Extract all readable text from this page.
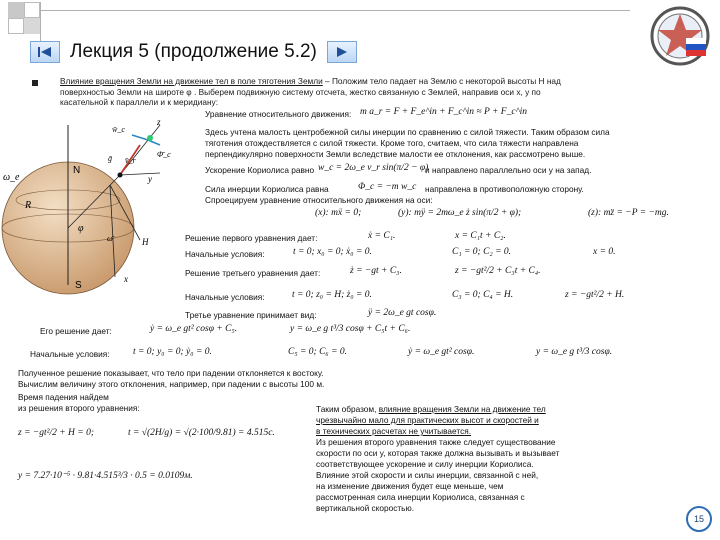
Лекция 5 (продолжение 5.2)
Влияние вращения Земли на движение тел в поле тяготения Земли – Положим тело падает на Землю с некоторой высоты H над
поверхностью Земли на широте φ . Выберем подвижную систему отсчета, жестко связанную с Землей, направив оси x, y по
касательной к параллели и к меридиану:
Уравнение относительного движения: m a_r = F + F_e^in + F_c^in ≈ P + F_c^in
ω_e
N
S
R
φ
z
y
x
H
w̄_c
Φ̄_c
v̄_r
ḡ
ω̄
Здесь учтена малость центробежной силы инерции по сравнению с силой тяжести. Таким образом сила
тяготения отождествляется с силой тяжести. Кроме того, считаем, что сила тяжести направлена
перпендикулярно поверхности Земли вследствие малости ее отклонения, как рассмотрено выше.
Ускорение Кориолиса равно w_c = 2ω_e v_r sin(π/2 − φ)
и направлено параллельно оси y на запад.
Сила инерции Кориолиса равна	Φ_c = −m w_c направлена в противоположную сторону.
Спроецируем уравнение относительного движения на оси:
(x): mẍ = 0;	(y): mÿ = 2mω_e ż sin(π/2 + φ);	(z): mz̈ = −P = −mg.
Решение первого уравнения дает:	ẋ = C₁.	x = C₁t + C₂.
Начальные условия:	t = 0; x₀ = 0; ẋ₀ = 0.	C₁ = 0; C₂ = 0.	x = 0.
Решение третьего уравнения дает:	ż = −gt + C₃.	z = −gt²/2 + C₃t + C₄.
Начальные условия:	t = 0; z₀ = H; ż₀ = 0.	C₃ = 0; C₄ = H.	z = −gt²/2 + H.
Третье уравнение принимает вид:	ÿ = 2ω_e gt cosφ.
Его решение дает:	ẏ = ω_e gt² cosφ + C₅.	y = ω_e g t³/3 cosφ + C₅t + C₆.
Начальные условия: t = 0; y₀ = 0; ẏ₀ = 0.	C₅ = 0; C₆ = 0.	ẏ = ω_e gt² cosφ.	y = ω_e g t³/3 cosφ.
Полученное решение показывает, что тело при падении отклоняется к востоку.
Вычислим величину этого отклонения, например, при падении с высоты 100 м.
Время падения найдем
из решения второго уравнения:
z = −gt²/2 + H = 0;	t = √(2H/g) = √(2·100/9.81) = 4.515c.
y = 7.27·10⁻⁵ · 9.81·4.515³/3 · 0.5 = 0.0109м.
Таким образом, влияние вращения Земли на движение тел
чрезвычайно мало для практических высот и скоростей и
в технических расчетах не учитывается.
Из решения второго уравнения также следует существование
скорости по оси y, которая также должна вызывать и вызывает
соответствующее ускорение и силу инерции Кориолиса.
Влияние этой скорости и силы инерции, связанной с ней,
на изменение движения будет еще меньше, чем
рассмотренная сила инерции Кориолиса, связанная с
вертикальной скоростью.
15
